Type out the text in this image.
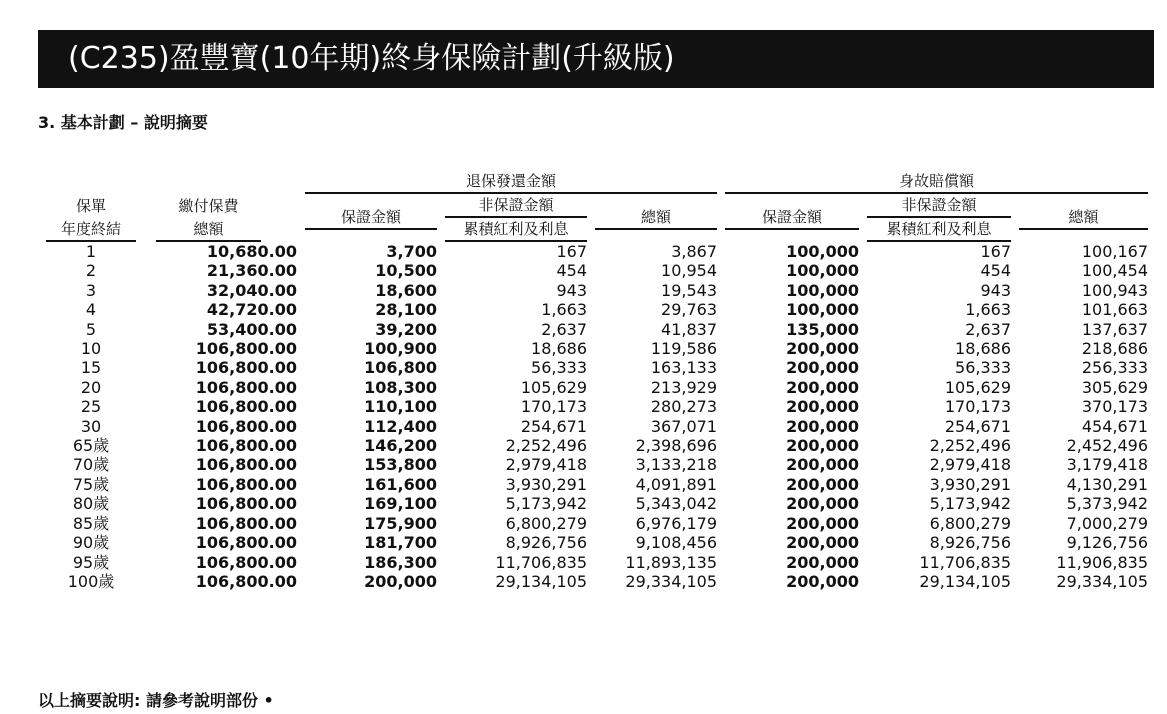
(C235)盈豐寶(10年期)終身保險計劃(升級版)
3. 基本計劃 – 說明摘要

		退保發還金額			身故賠償額		

保單	繳付保費	保證金額	非保證金額	總額	保證金額	非保證金額	總額

年度終結	總額		累積紅利及利息			累積紅利及利息	

1	10,680.00	3,700	167	3,867	100,000	167	100,167
2	21,360.00	10,500	454	10,954	100,000	454	100,454
3	32,040.00	18,600	943	19,543	100,000	943	100,943
4	42,720.00	28,100	1,663	29,763	100,000	1,663	101,663
5	53,400.00	39,200	2,637	41,837	135,000	2,637	137,637
10	106,800.00	100,900	18,686	119,586	200,000	18,686	218,686
15	106,800.00	106,800	56,333	163,133	200,000	56,333	256,333
20	106,800.00	108,300	105,629	213,929	200,000	105,629	305,629
25	106,800.00	110,100	170,173	280,273	200,000	170,173	370,173
30	106,800.00	112,400	254,671	367,071	200,000	254,671	454,671
65歲	106,800.00	146,200	2,252,496	2,398,696	200,000	2,252,496	2,452,496
70歲	106,800.00	153,800	2,979,418	3,133,218	200,000	2,979,418	3,179,418
75歲	106,800.00	161,600	3,930,291	4,091,891	200,000	3,930,291	4,130,291
80歲	106,800.00	169,100	5,173,942	5,343,042	200,000	5,173,942	5,373,942
85歲	106,800.00	175,900	6,800,279	6,976,179	200,000	6,800,279	7,000,279
90歲	106,800.00	181,700	8,926,756	9,108,456	200,000	8,926,756	9,126,756
95歲	106,800.00	186,300	11,706,835	11,893,135	200,000	11,706,835	11,906,835
100歲	106,800.00	200,000	29,134,105	29,334,105	200,000	29,134,105	29,334,105
以上摘要說明: 請參考說明部份 •
